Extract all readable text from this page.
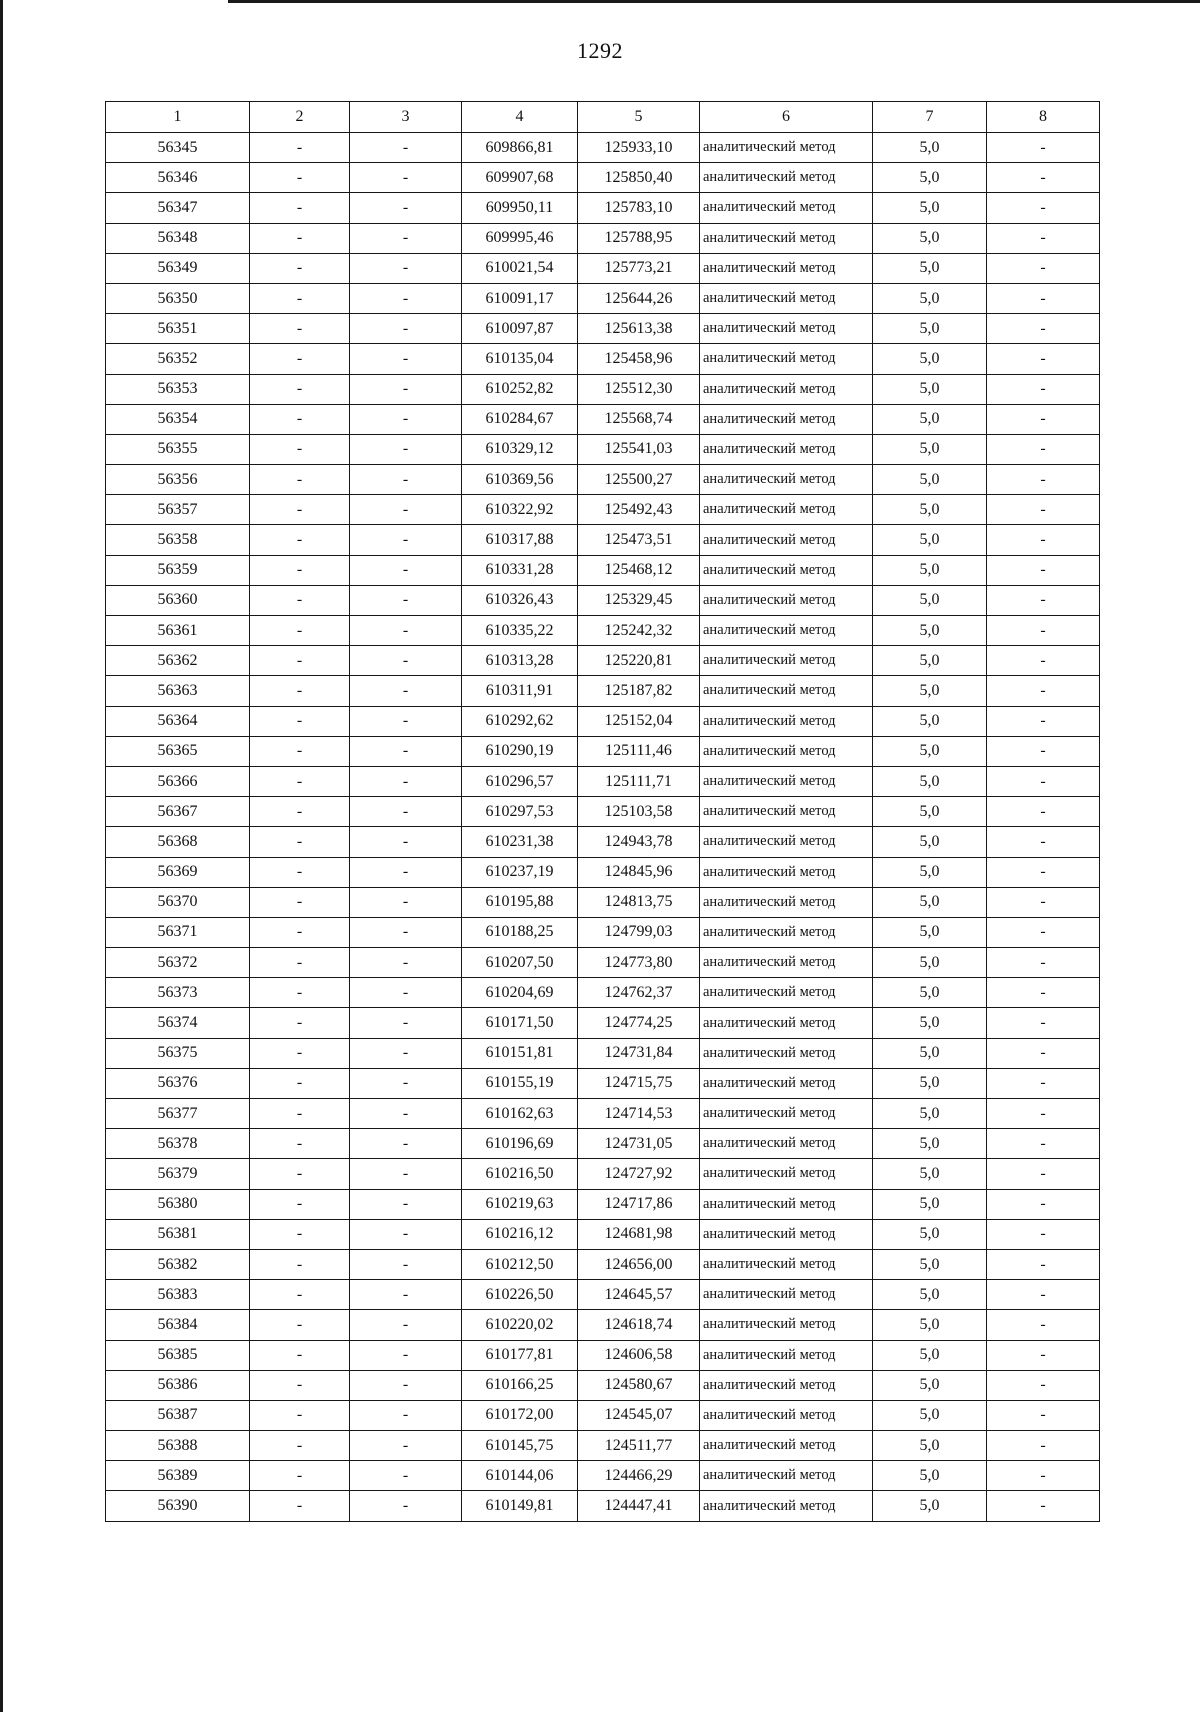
1292
1	2	3	4	5	6	7	8
56345	-	-	609866,81	125933,10	аналитический метод	5,0	-
56346	-	-	609907,68	125850,40	аналитический метод	5,0	-
56347	-	-	609950,11	125783,10	аналитический метод	5,0	-
56348	-	-	609995,46	125788,95	аналитический метод	5,0	-
56349	-	-	610021,54	125773,21	аналитический метод	5,0	-
56350	-	-	610091,17	125644,26	аналитический метод	5,0	-
56351	-	-	610097,87	125613,38	аналитический метод	5,0	-
56352	-	-	610135,04	125458,96	аналитический метод	5,0	-
56353	-	-	610252,82	125512,30	аналитический метод	5,0	-
56354	-	-	610284,67	125568,74	аналитический метод	5,0	-
56355	-	-	610329,12	125541,03	аналитический метод	5,0	-
56356	-	-	610369,56	125500,27	аналитический метод	5,0	-
56357	-	-	610322,92	125492,43	аналитический метод	5,0	-
56358	-	-	610317,88	125473,51	аналитический метод	5,0	-
56359	-	-	610331,28	125468,12	аналитический метод	5,0	-
56360	-	-	610326,43	125329,45	аналитический метод	5,0	-
56361	-	-	610335,22	125242,32	аналитический метод	5,0	-
56362	-	-	610313,28	125220,81	аналитический метод	5,0	-
56363	-	-	610311,91	125187,82	аналитический метод	5,0	-
56364	-	-	610292,62	125152,04	аналитический метод	5,0	-
56365	-	-	610290,19	125111,46	аналитический метод	5,0	-
56366	-	-	610296,57	125111,71	аналитический метод	5,0	-
56367	-	-	610297,53	125103,58	аналитический метод	5,0	-
56368	-	-	610231,38	124943,78	аналитический метод	5,0	-
56369	-	-	610237,19	124845,96	аналитический метод	5,0	-
56370	-	-	610195,88	124813,75	аналитический метод	5,0	-
56371	-	-	610188,25	124799,03	аналитический метод	5,0	-
56372	-	-	610207,50	124773,80	аналитический метод	5,0	-
56373	-	-	610204,69	124762,37	аналитический метод	5,0	-
56374	-	-	610171,50	124774,25	аналитический метод	5,0	-
56375	-	-	610151,81	124731,84	аналитический метод	5,0	-
56376	-	-	610155,19	124715,75	аналитический метод	5,0	-
56377	-	-	610162,63	124714,53	аналитический метод	5,0	-
56378	-	-	610196,69	124731,05	аналитический метод	5,0	-
56379	-	-	610216,50	124727,92	аналитический метод	5,0	-
56380	-	-	610219,63	124717,86	аналитический метод	5,0	-
56381	-	-	610216,12	124681,98	аналитический метод	5,0	-
56382	-	-	610212,50	124656,00	аналитический метод	5,0	-
56383	-	-	610226,50	124645,57	аналитический метод	5,0	-
56384	-	-	610220,02	124618,74	аналитический метод	5,0	-
56385	-	-	610177,81	124606,58	аналитический метод	5,0	-
56386	-	-	610166,25	124580,67	аналитический метод	5,0	-
56387	-	-	610172,00	124545,07	аналитический метод	5,0	-
56388	-	-	610145,75	124511,77	аналитический метод	5,0	-
56389	-	-	610144,06	124466,29	аналитический метод	5,0	-
56390	-	-	610149,81	124447,41	аналитический метод	5,0	-
